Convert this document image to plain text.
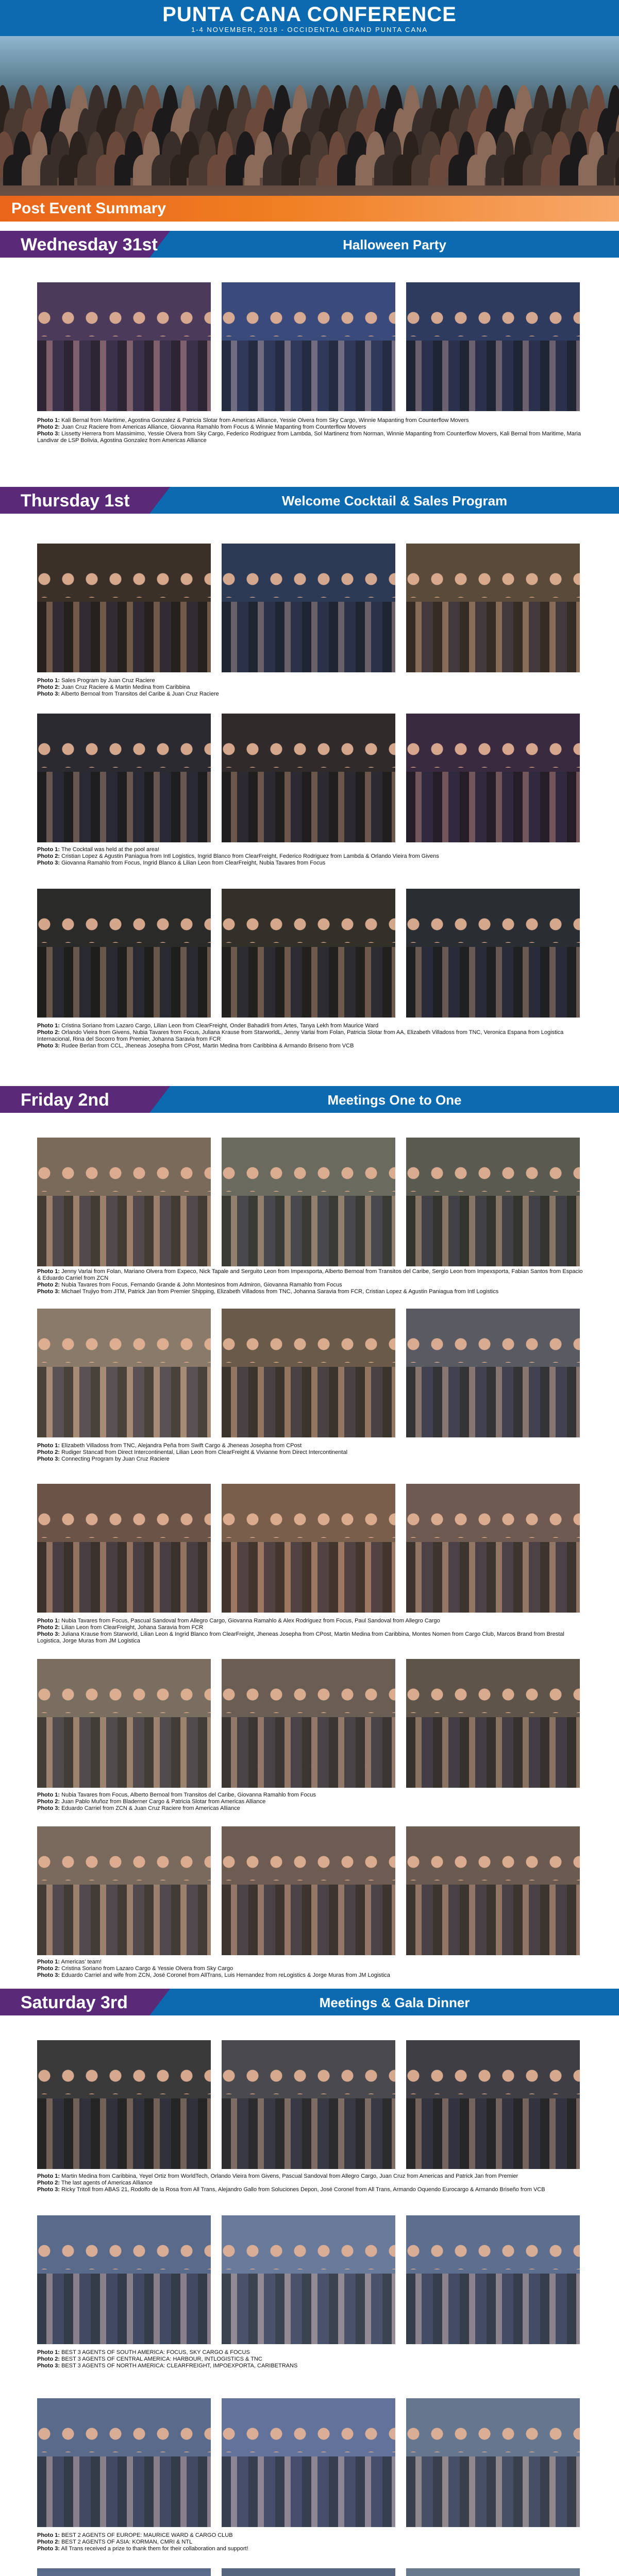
PUNTA CANA CONFERENCE
1-4 NOVEMBER, 2018 - OCCIDENTAL GRAND PUNTA CANA
Post Event Summary
Wednesday 31st	Halloween Party
Photo 1: Kali Bernal from Maritime, Agostina Gonzalez & Patricia Slotar from Americas Alliance, Yessie Olvera from Sky Cargo, Winnie Mapanting from Counterflow Movers
Photo 2: Juan Cruz Raciere from Americas Alliance, Giovanna Ramahlo from Focus & Winnie Mapanting from Counterflow Movers
Photo 3: Lissetty Herrera from Massimimo, Yessie Olvera from Sky Cargo, Federico Rodriguez from Lambda, Sol Martinenz from Norman, Winnie Mapanting from Counterflow Movers, Kali Bernal from Maritime, Maria Landivar de LSP Bolivia, Agostina Gonzalez from Americas Alliance
Thursday 1st	Welcome Cocktail & Sales Program
Photo 1: Sales Program by Juan Cruz Raciere
Photo 2: Juan Cruz Raciere & Martin Medina from Caribbina
Photo 3: Alberto Bernoal from Transitos del Caribe & Juan Cruz Raciere
Photo 1: The Cocktail was held at the pool area!
Photo 2: Cristian Lopez & Agustin Paniagua from Intl Logistics, Ingrid Blanco from ClearFreight, Federico Rodriguez from Lambda & Orlando Vieira from Givens
Photo 3: Giovanna Ramahlo from Focus, Ingrid Blanco & Lilian Leon from ClearFreight, Nubia Tavares from Focus
Photo 1: Cristina Soriano from Lazaro Cargo, Lilian Leon from ClearFreight, Onder Bahadirli from Artes, Tanya Lekh from Maurice Ward
Photo 2: Orlando Vieira from Givens, Nubia Tavares from Focus, Juliana Krause from StarworldL, Jenny Varlai from Folan, Patricia Slotar from AA, Elizabeth Villadoss from TNC, Veronica Espana from Logistica Internacional, Rina del Socorro from Premier, Johanna Saravia from FCR
Photo 3: Rudee Berlan from CCL, Jheneas Josepha from CPost, Martin Medina from Caribbina & Armando Briseno from VCB
Friday 2nd	Meetings One to One
Photo 1: Jenny Varlai from Folan, Mariano Olvera from Expeco, Nick Tapale and Serguito Leon from Impexsporta, Alberto Bernoal from Transitos del Caribe, Sergio Leon from Impexsporta, Fabian Santos from Espacio & Eduardo Carriel from ZCN
Photo 2: Nubia Tavares from Focus, Fernando Grande & John Montesinos from Admiron, Giovanna Ramahlo from Focus
Photo 3: Michael Trujiyo from JTM, Patrick Jan from Premier Shipping, Elizabeth Villadoss from TNC, Johanna Saravia from FCR, Cristian Lopez & Agustin Paniagua from Intl Logistics
Photo 1: Elizabeth Villadoss from TNC, Alejandra Peña from Swift Cargo & Jheneas Josepha from CPost
Photo 2: Rudiger Stancatl from Direct Intercontinental, Lilian Leon from ClearFreight & Vivianne from Direct Intercontinental
Photo 3: Connecting Program by Juan Cruz Raciere
Photo 1: Nubia Tavares from Focus, Pascual Sandoval from Allegro Cargo, Giovanna Ramahlo & Alex Rodriguez from Focus, Paul Sandoval from Allegro Cargo
Photo 2: Lilian Leon from ClearFreight, Johana Saravia from FCR
Photo 3: Juliana Krause from Starworld, Lilian Leon & Ingrid Blanco from ClearFreight, Jheneas Josepha from CPost, Martin Medina from Caribbina, Montes Nomen from Cargo Club, Marcos Brand from Brestal Logistica, Jorge Muras from JM Logistica
Photo 1: Nubia Tavares from Focus, Alberto Bernoal from Transitos del Caribe, Giovanna Ramahlo from Focus
Photo 2: Juan Pablo Muñoz from Bladerner Cargo & Patricia Slotar from Americas Alliance
Photo 3: Eduardo Carriel from ZCN & Juan Cruz Raciere from Americas Alliance
Photo 1: Americas' team!
Photo 2: Cristina Soriano from Lazaro Cargo & Yessie Olvera from Sky Cargo
Photo 3: Eduardo Carriel and wife from ZCN, José Coronel from AllTrans, Luis Hernandez from reLogistics & Jorge Muras from JM Logistica
Saturday 3rd	Meetings & Gala Dinner
Photo 1: Martin Medina from Caribbina, Yeyel Ortiz from WorldTech, Orlando Vieira from Givens, Pascual Sandoval from Allegro Cargo, Juan Cruz from Americas and Patrick Jan from Premier
Photo 2: The last agents of Americas Alliance
Photo 3: Ricky Tritoll from ABAS 21, Rodolfo de la Rosa from All Trans, Alejandro Gallo from Soluciones Depon, José Coronel from All Trans, Armando Oquendo Eurocargo & Armando Briseño from VCB
Photo 1: BEST 3 AGENTS OF SOUTH AMERICA: FOCUS, SKY CARGO & FOCUS
Photo 2: BEST 3 AGENTS OF CENTRAL AMERICA: HARBOUR, INTLOGISTICS & TNC
Photo 3: BEST 3 AGENTS OF NORTH AMERICA: CLEARFREIGHT, IMPOEXPORTA, CARIBETRANS
Photo 1: BEST 2 AGENTS OF EUROPE: MAURICE WARD & CARGO CLUB
Photo 2: BEST 2 AGENTS OF ASIA: KORMAN, CMRI & NTL
Photo 3: All Trans received a prize to thank them for their collaboration and support!
